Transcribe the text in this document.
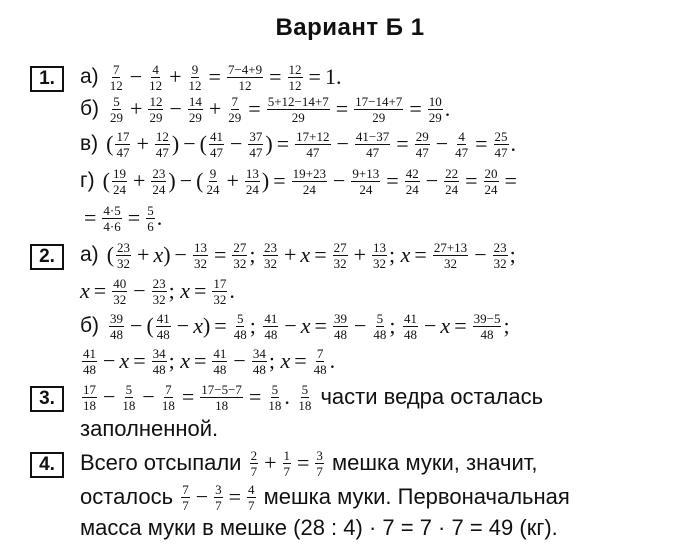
Вариант Б 1
1.	$а) \frac{7}{12} - \frac{4}{12} + \frac{9}{12} = \frac{7-4+9}{12} = \frac{12}{12} = 1$.
$б) \frac{5}{29} + \frac{12}{29} - \frac{14}{29} + \frac{7}{29} = \frac{5+12-14+7}{29} = \frac{17-14+7}{29} = \frac{10}{29}$ .
в) ( $\frac{17}{47} + \frac{12}{47}$ ) − ( $\frac{41}{47} - \frac{37}{47}$ ) = $\frac{17+12}{47} - \frac{41-37}{47} = \frac{29}{47} - \frac{4}{47} = \frac{25}{47}$ .
г) ( $\frac{19}{24} + \frac{23}{24}$ ) − ( $\frac{9}{24} + \frac{13}{24}$ ) = $\frac{19+23}{24} - \frac{9+13}{24} = \frac{42}{24} - \frac{22}{24} = \frac{20}{24}$ =
= $\frac{4\cdot 5}{4\cdot 6} = \frac{5}{6}$ .
2.	а) ( $\frac{23}{32} + x$ ) − $\frac{13}{32} = \frac{27}{32}$ ; $\frac{23}{32} + x = \frac{27}{32} + \frac{13}{32}$ ; $x = \frac{27+13}{32} - \frac{23}{32}$ ;
$x = \frac{40}{32} - \frac{23}{32}$ ; $x = \frac{17}{32}$ .
$б) \frac{39}{48}$ − ( $\frac{41}{48} - x$ ) = $\frac{5}{48}$ ; $\frac{41}{48} - x = \frac{39}{48} - \frac{5}{48}$ ; $\frac{41}{48} - x = \frac{39-5}{48}$ ;
$\frac{41}{48} - x = \frac{34}{48}$ ; $x = \frac{41}{48} - \frac{34}{48}$ ; $x = \frac{7}{48}$ .
3.	$\frac{17}{18} - \frac{5}{18} - \frac{7}{18} = \frac{17-5-7}{18} = \frac{5}{18}$ . $\frac{5}{18}$ части ведра осталась
заполненной.
4.	Всего отсыпали $\frac{2}{7} + \frac{1}{7} = \frac{3}{7}$ мешка муки, значит,
осталось $\frac{7}{7} - \frac{3}{7} = \frac{4}{7}$ мешка муки. Первоначальная
масса муки в мешке (28 : 4) · 7 = 7 · 7 = 49 (кг).
